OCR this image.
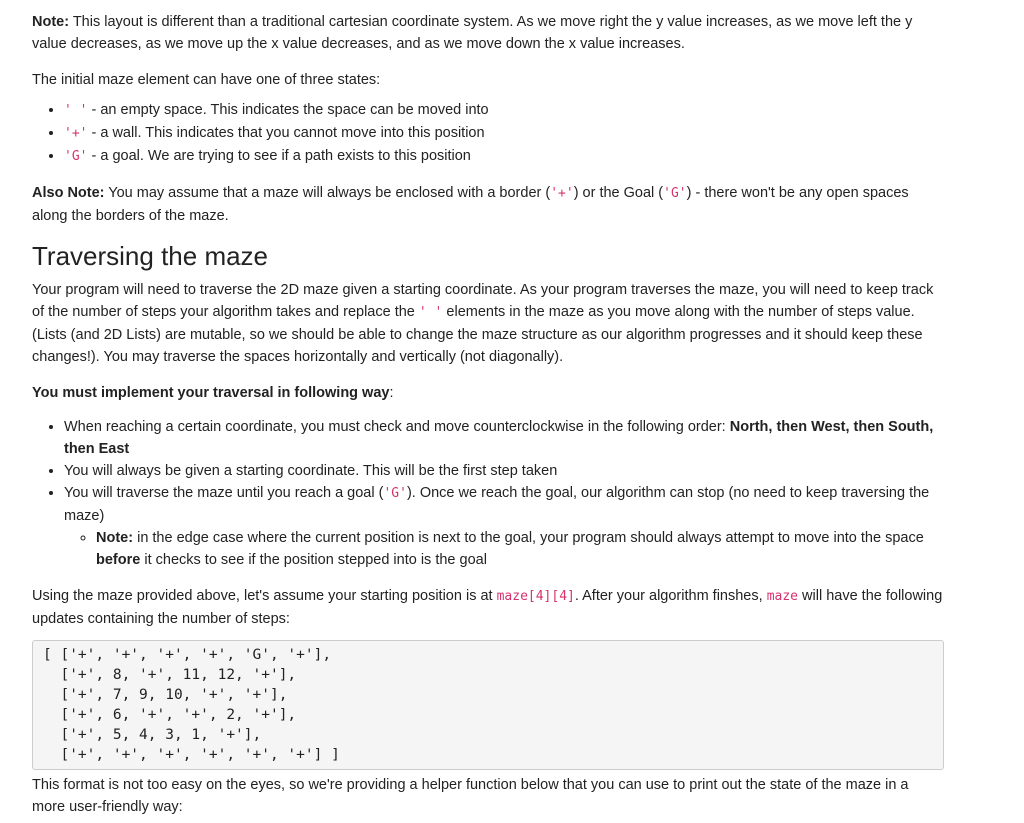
Note: This layout is different than a traditional cartesian coordinate system. As we move right the y value increases, as we move left the y value decreases, as we move up the x value decreases, and as we move down the x value increases.

The initial maze element can have one of three states:

• ' ' - an empty space. This indicates the space can be moved into
• '+' - a wall. This indicates that you cannot move into this position
• 'G' - a goal. We are trying to see if a path exists to this position

Also Note: You may assume that a maze will always be enclosed with a border ('+') or the Goal ('G') - there won't be any open spaces along the borders of the maze.

Traversing the maze

Your program will need to traverse the 2D maze given a starting coordinate. As your program traverses the maze, you will need to keep track of the number of steps your algorithm takes and replace the ' ' elements in the maze as you move along with the number of steps value. (Lists (and 2D Lists) are mutable, so we should be able to change the maze structure as our algorithm progresses and it should keep these changes!). You may traverse the spaces horizontally and vertically (not diagonally).

You must implement your traversal in following way:

• When reaching a certain coordinate, you must check and move counterclockwise in the following order: North, then West, then South, then East
• You will always be given a starting coordinate. This will be the first step taken
• You will traverse the maze until you reach a goal ('G'). Once we reach the goal, our algorithm can stop (no need to keep traversing the maze)
◦ Note: in the edge case where the current position is next to the goal, your program should always attempt to move into the space before it checks to see if the position stepped into is the goal

Using the maze provided above, let's assume your starting position is at maze[4][4]. After your algorithm finshes, maze will have the following updates containing the number of steps:

[ ['+', '+', '+', '+', 'G', '+'],
['+', 8, '+', 11, 12, '+'],
['+', 7, 9, 10, '+', '+'],
['+', 6, '+', '+', 2, '+'],
['+', 5, 4, 3, 1, '+'],
['+', '+', '+', '+', '+', '+'] ]

This format is not too easy on the eyes, so we're providing a helper function below that you can use to print out the state of the maze in a more user-friendly way:
